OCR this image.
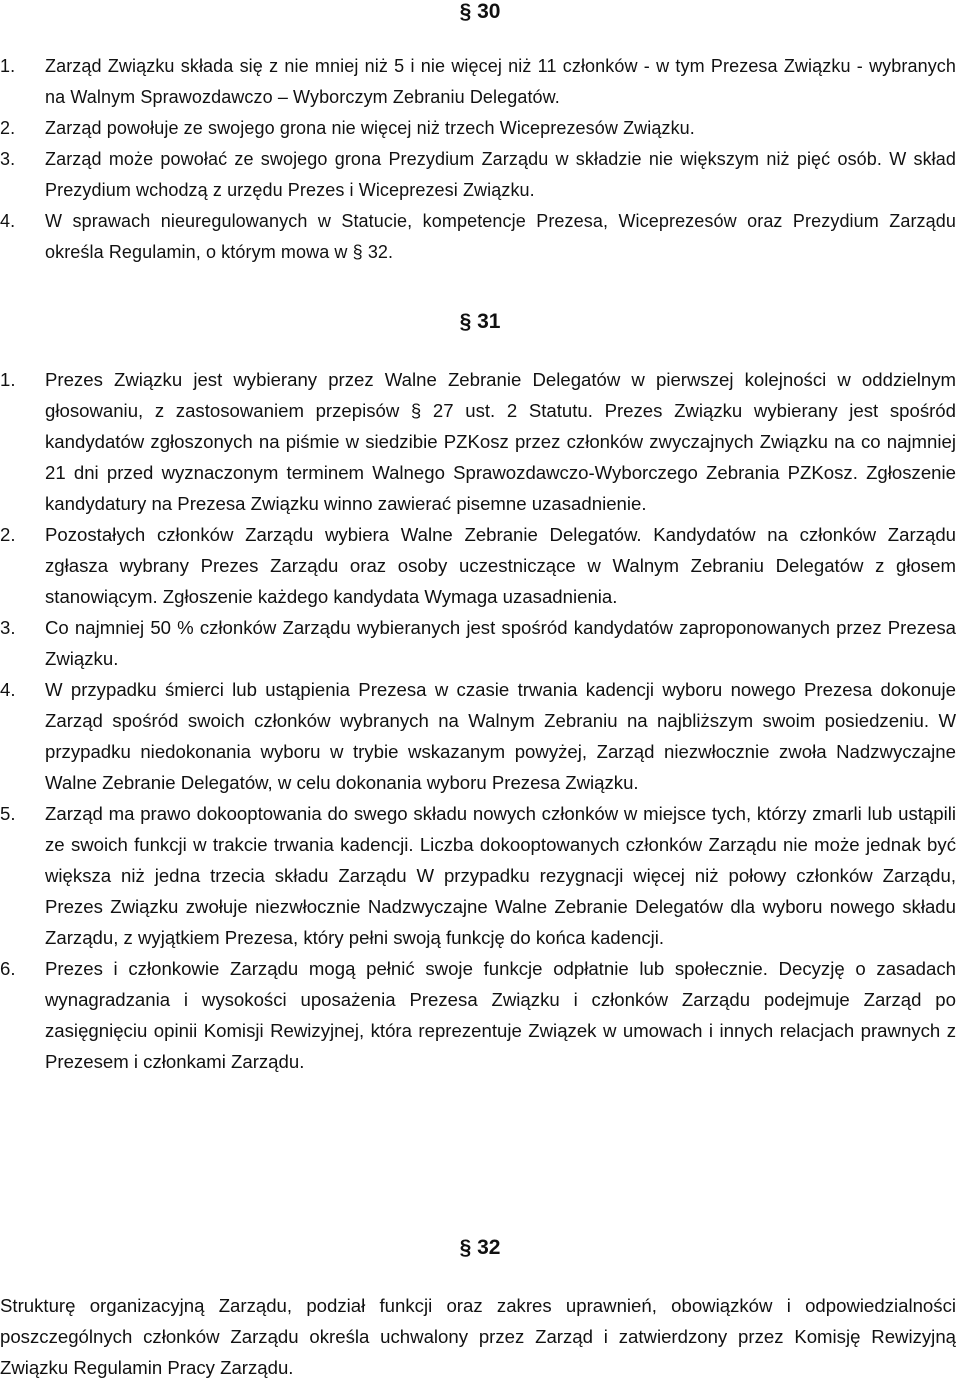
§ 30
1.	Zarząd Związku składa się z nie mniej niż 5 i nie więcej niż 11 członków - w tym Prezesa Związku - wybranych na Walnym Sprawozdawczo – Wyborczym Zebraniu Delegatów.
2.	Zarząd powołuje ze swojego grona nie więcej niż trzech Wiceprezesów Związku.
3.	Zarząd może powołać ze swojego grona Prezydium Zarządu w składzie nie większym niż pięć osób. W skład Prezydium wchodzą z urzędu Prezes i Wiceprezesi Związku.
4.	W sprawach nieuregulowanych w Statucie, kompetencje Prezesa, Wiceprezesów oraz Prezydium Zarządu określa Regulamin, o którym mowa w § 32.
§ 31
1.	Prezes Związku jest wybierany przez Walne Zebranie Delegatów w pierwszej kolejności w oddzielnym głosowaniu, z zastosowaniem przepisów § 27 ust. 2 Statutu. Prezes Związku wybierany jest spośród kandydatów zgłoszonych na piśmie w siedzibie PZKosz przez członków zwyczajnych Związku na co najmniej 21 dni przed wyznaczonym terminem Walnego Sprawozdawczo-Wyborczego Zebrania PZKosz. Zgłoszenie kandydatury na Prezesa Związku winno zawierać pisemne uzasadnienie.
2.	Pozostałych członków Zarządu wybiera Walne Zebranie Delegatów. Kandydatów na członków Zarządu zgłasza wybrany Prezes Zarządu oraz osoby uczestniczące w Walnym Zebraniu Delegatów z głosem stanowiącym. Zgłoszenie każdego kandydata Wymaga uzasadnienia.
3.	Co najmniej 50 % członków Zarządu wybieranych jest spośród kandydatów zaproponowanych przez Prezesa Związku.
4.	W przypadku śmierci lub ustąpienia Prezesa w czasie trwania kadencji wyboru nowego Prezesa dokonuje Zarząd spośród swoich członków wybranych na Walnym Zebraniu na najbliższym swoim posiedzeniu. W przypadku niedokonania wyboru w trybie wskazanym powyżej, Zarząd niezwłocznie zwoła Nadzwyczajne Walne Zebranie Delegatów, w celu dokonania wyboru Prezesa Związku.
5.	Zarząd ma prawo dokooptowania do swego składu nowych członków w miejsce tych, którzy zmarli lub ustąpili ze swoich funkcji w trakcie trwania kadencji. Liczba dokooptowanych członków Zarządu nie może jednak być większa niż jedna trzecia składu Zarządu W przypadku rezygnacji więcej niż połowy członków Zarządu, Prezes Związku zwołuje niezwłocznie Nadzwyczajne Walne Zebranie Delegatów dla wyboru nowego składu Zarządu, z wyjątkiem Prezesa, który pełni swoją funkcję do końca kadencji.
6.	Prezes i członkowie Zarządu mogą pełnić swoje funkcje odpłatnie lub społecznie. Decyzję o zasadach wynagradzania i wysokości uposażenia Prezesa Związku i członków Zarządu podejmuje Zarząd po zasięgnięciu opinii Komisji Rewizyjnej, która reprezentuje Związek w umowach i innych relacjach prawnych z Prezesem i członkami Zarządu.
§ 32

Strukturę organizacyjną Zarządu, podział funkcji oraz zakres uprawnień, obowiązków i odpowiedzialności poszczególnych członków Zarządu określa uchwalony przez Zarząd i zatwierdzony przez Komisję Rewizyjną Związku Regulamin Pracy Zarządu.
